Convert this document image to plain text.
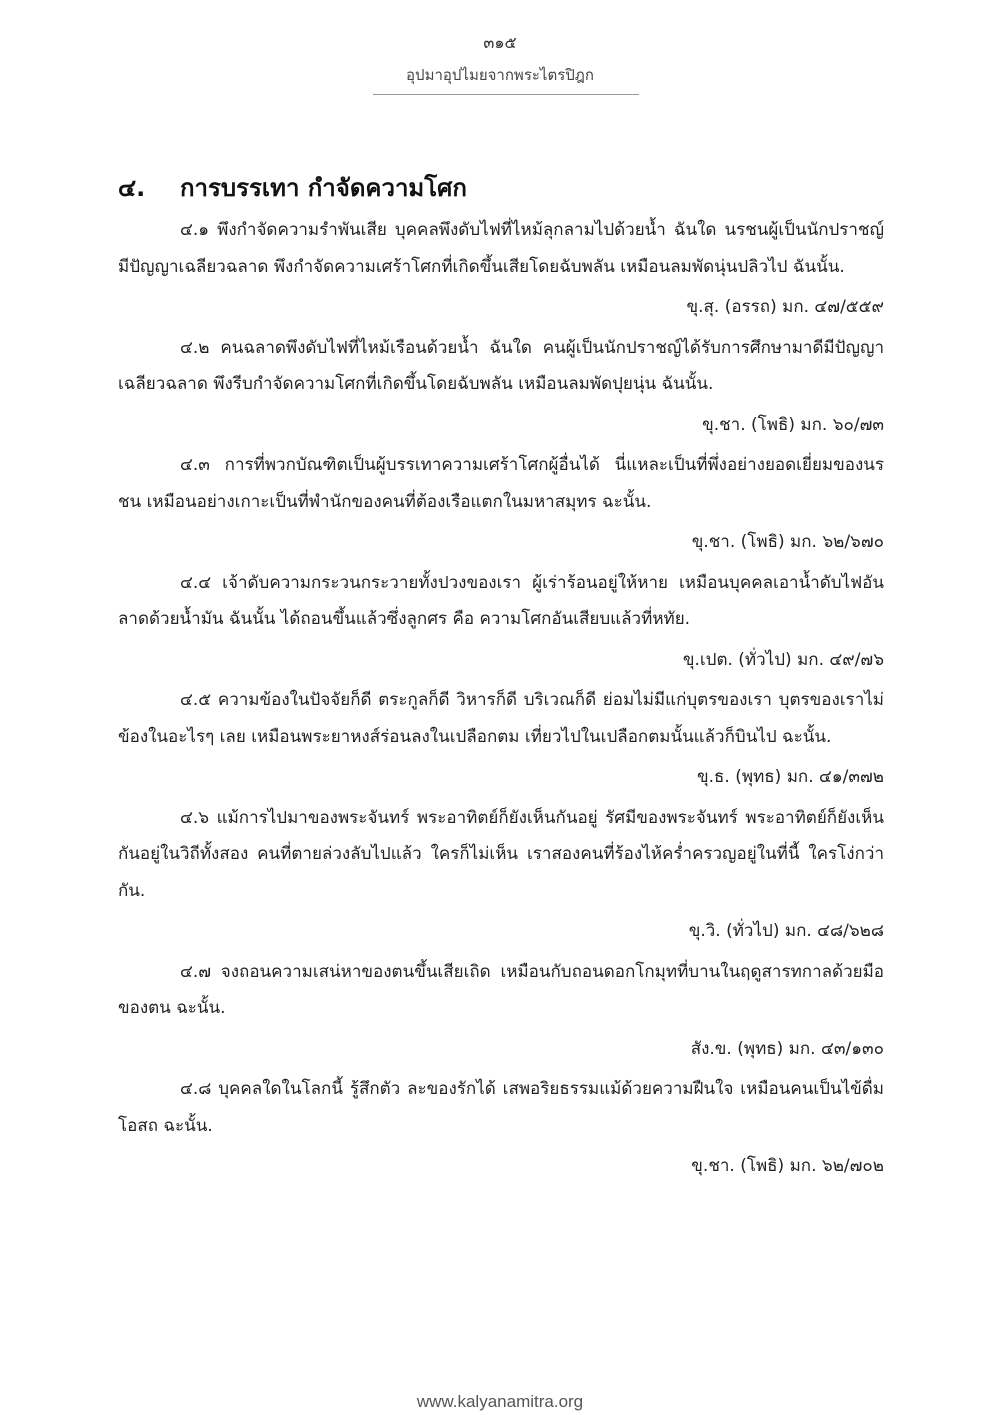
๓๑๕
อุปมาอุปไมยจากพระไตรปิฎก
๔. การบรรเทา กำจัดความโศก

๔.๑ พึงกำจัดความรำพันเสีย บุคคลพึงดับไฟที่ไหม้ลุกลามไปด้วยน้ำ ฉันใด นรชนผู้เป็นนักปราชญ์มีปัญญาเฉลียวฉลาด พึงกำจัดความเศร้าโศกที่เกิดขึ้นเสียโดยฉับพลัน เหมือนลมพัดนุ่นปลิวไป ฉันนั้น.

ขุ.สุ. (อรรถ) มก. ๔๗/๕๕๙

๔.๒ คนฉลาดพึงดับไฟที่ไหม้เรือนด้วยน้ำ ฉันใด คนผู้เป็นนักปราชญ์ได้รับการศึกษามาดีมีปัญญาเฉลียวฉลาด พึงรีบกำจัดความโศกที่เกิดขึ้นโดยฉับพลัน เหมือนลมพัดปุยนุ่น ฉันนั้น.

ขุ.ชา. (โพธิ) มก. ๖๐/๗๓

๔.๓ การที่พวกบัณฑิตเป็นผู้บรรเทาความเศร้าโศกผู้อื่นได้ นี่แหละเป็นที่พึ่งอย่างยอดเยี่ยมของนรชน เหมือนอย่างเกาะเป็นที่พำนักของคนที่ต้องเรือแตกในมหาสมุทร ฉะนั้น.

ขุ.ชา. (โพธิ) มก. ๖๒/๖๗๐

๔.๔ เจ้าดับความกระวนกระวายทั้งปวงของเรา ผู้เร่าร้อนอยู่ให้หาย เหมือนบุคคลเอาน้ำดับไฟอันลาดด้วยน้ำมัน ฉันนั้น ได้ถอนขึ้นแล้วซึ่งลูกศร คือ ความโศกอันเสียบแล้วที่หทัย.

ขุ.เปต. (ทั่วไป) มก. ๔๙/๗๖

๔.๕ ความข้องในปัจจัยก็ดี ตระกูลก็ดี วิหารก็ดี บริเวณก็ดี ย่อมไม่มีแก่บุตรของเรา บุตรของเราไม่ข้องในอะไรๆ เลย เหมือนพระยาหงส์ร่อนลงในเปลือกตม เที่ยวไปในเปลือกตมนั้นแล้วก็บินไป ฉะนั้น.

ขุ.ธ. (พุทธ) มก. ๔๑/๓๗๒

๔.๖ แม้การไปมาของพระจันทร์ พระอาทิตย์ก็ยังเห็นกันอยู่ รัศมีของพระจันทร์ พระอาทิตย์ก็ยังเห็นกันอยู่ในวิถีทั้งสอง คนที่ตายล่วงลับไปแล้ว ใครก็ไม่เห็น เราสองคนที่ร้องไห้คร่ำครวญอยู่ในที่นี้ ใครโง่กว่ากัน.

ขุ.วิ. (ทั่วไป) มก. ๔๘/๖๒๘

๔.๗ จงถอนความเสน่หาของตนขึ้นเสียเถิด เหมือนกับถอนดอกโกมุทที่บานในฤดูสารทกาลด้วยมือของตน ฉะนั้น.

สัง.ข. (พุทธ) มก. ๔๓/๑๓๐

๔.๘ บุคคลใดในโลกนี้ รู้สึกตัว ละของรักได้ เสพอริยธรรมแม้ด้วยความฝืนใจ เหมือนคนเป็นไข้ดื่มโอสถ ฉะนั้น.

ขุ.ชา. (โพธิ) มก. ๖๒/๗๐๒
www.kalyanamitra.org
